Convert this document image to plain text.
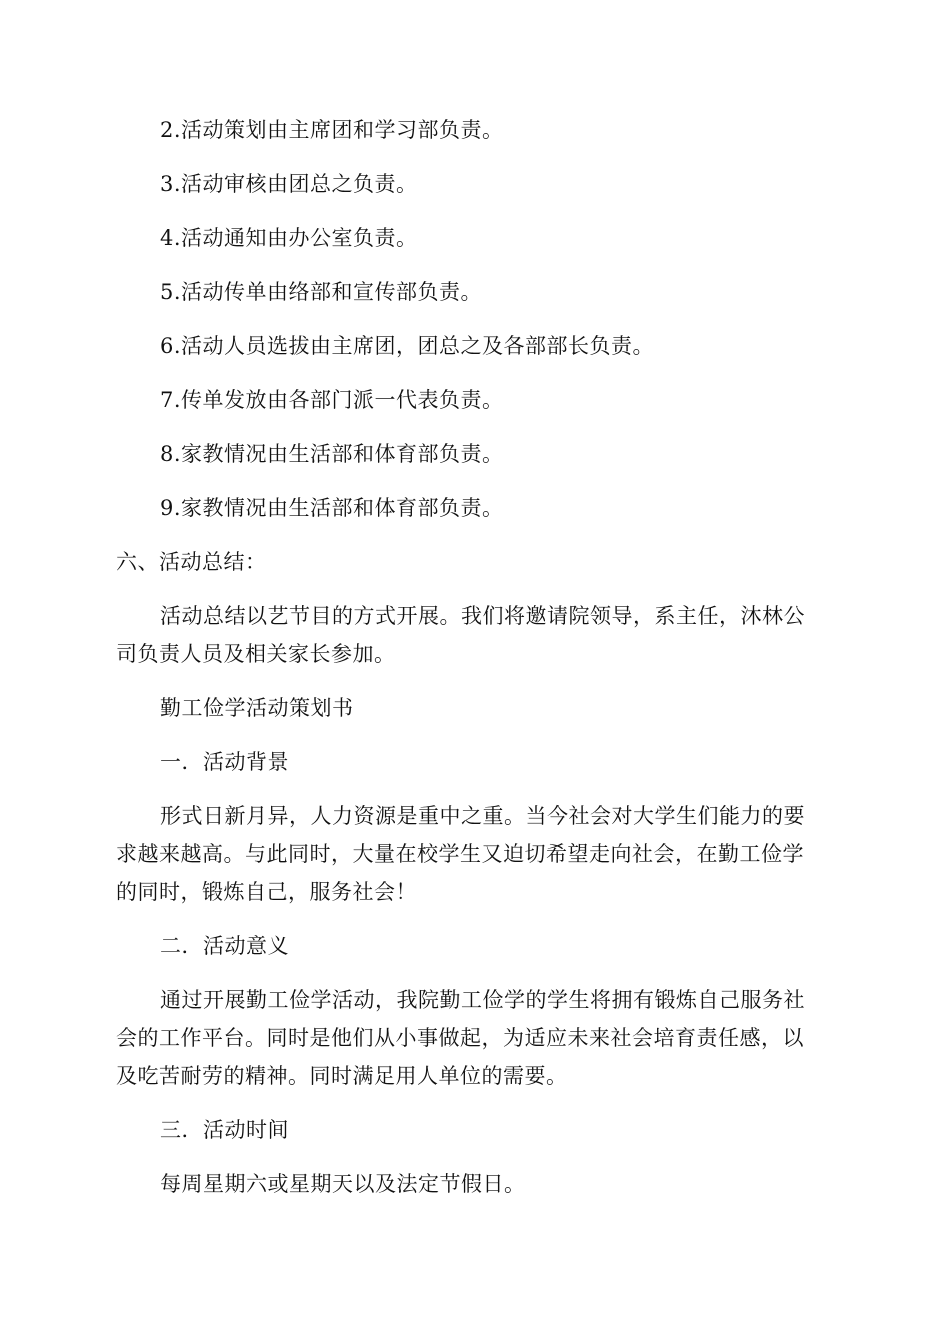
2.活动策划由主席团和学习部负责。
3.活动审核由团总之负责。
4.活动通知由办公室负责。
5.活动传单由络部和宣传部负责。
6.活动人员选拔由主席团，团总之及各部部长负责。
7.传单发放由各部门派一代表负责。
8.家教情况由生活部和体育部负责。
9.家教情况由生活部和体育部负责。
六、活动总结：
活动总结以艺节目的方式开展。我们将邀请院领导，系主任，沐林公
司负责人员及相关家长参加。
勤工俭学活动策划书
一．活动背景
形式日新月异，人力资源是重中之重。当今社会对大学生们能力的要
求越来越高。与此同时，大量在校学生又迫切希望走向社会，在勤工俭学
的同时，锻炼自己，服务社会！
二．活动意义
通过开展勤工俭学活动，我院勤工俭学的学生将拥有锻炼自己服务社
会的工作平台。同时是他们从小事做起，为适应未来社会培育责任感，以
及吃苦耐劳的精神。同时满足用人单位的需要。
三．活动时间
每周星期六或星期天以及法定节假日。
